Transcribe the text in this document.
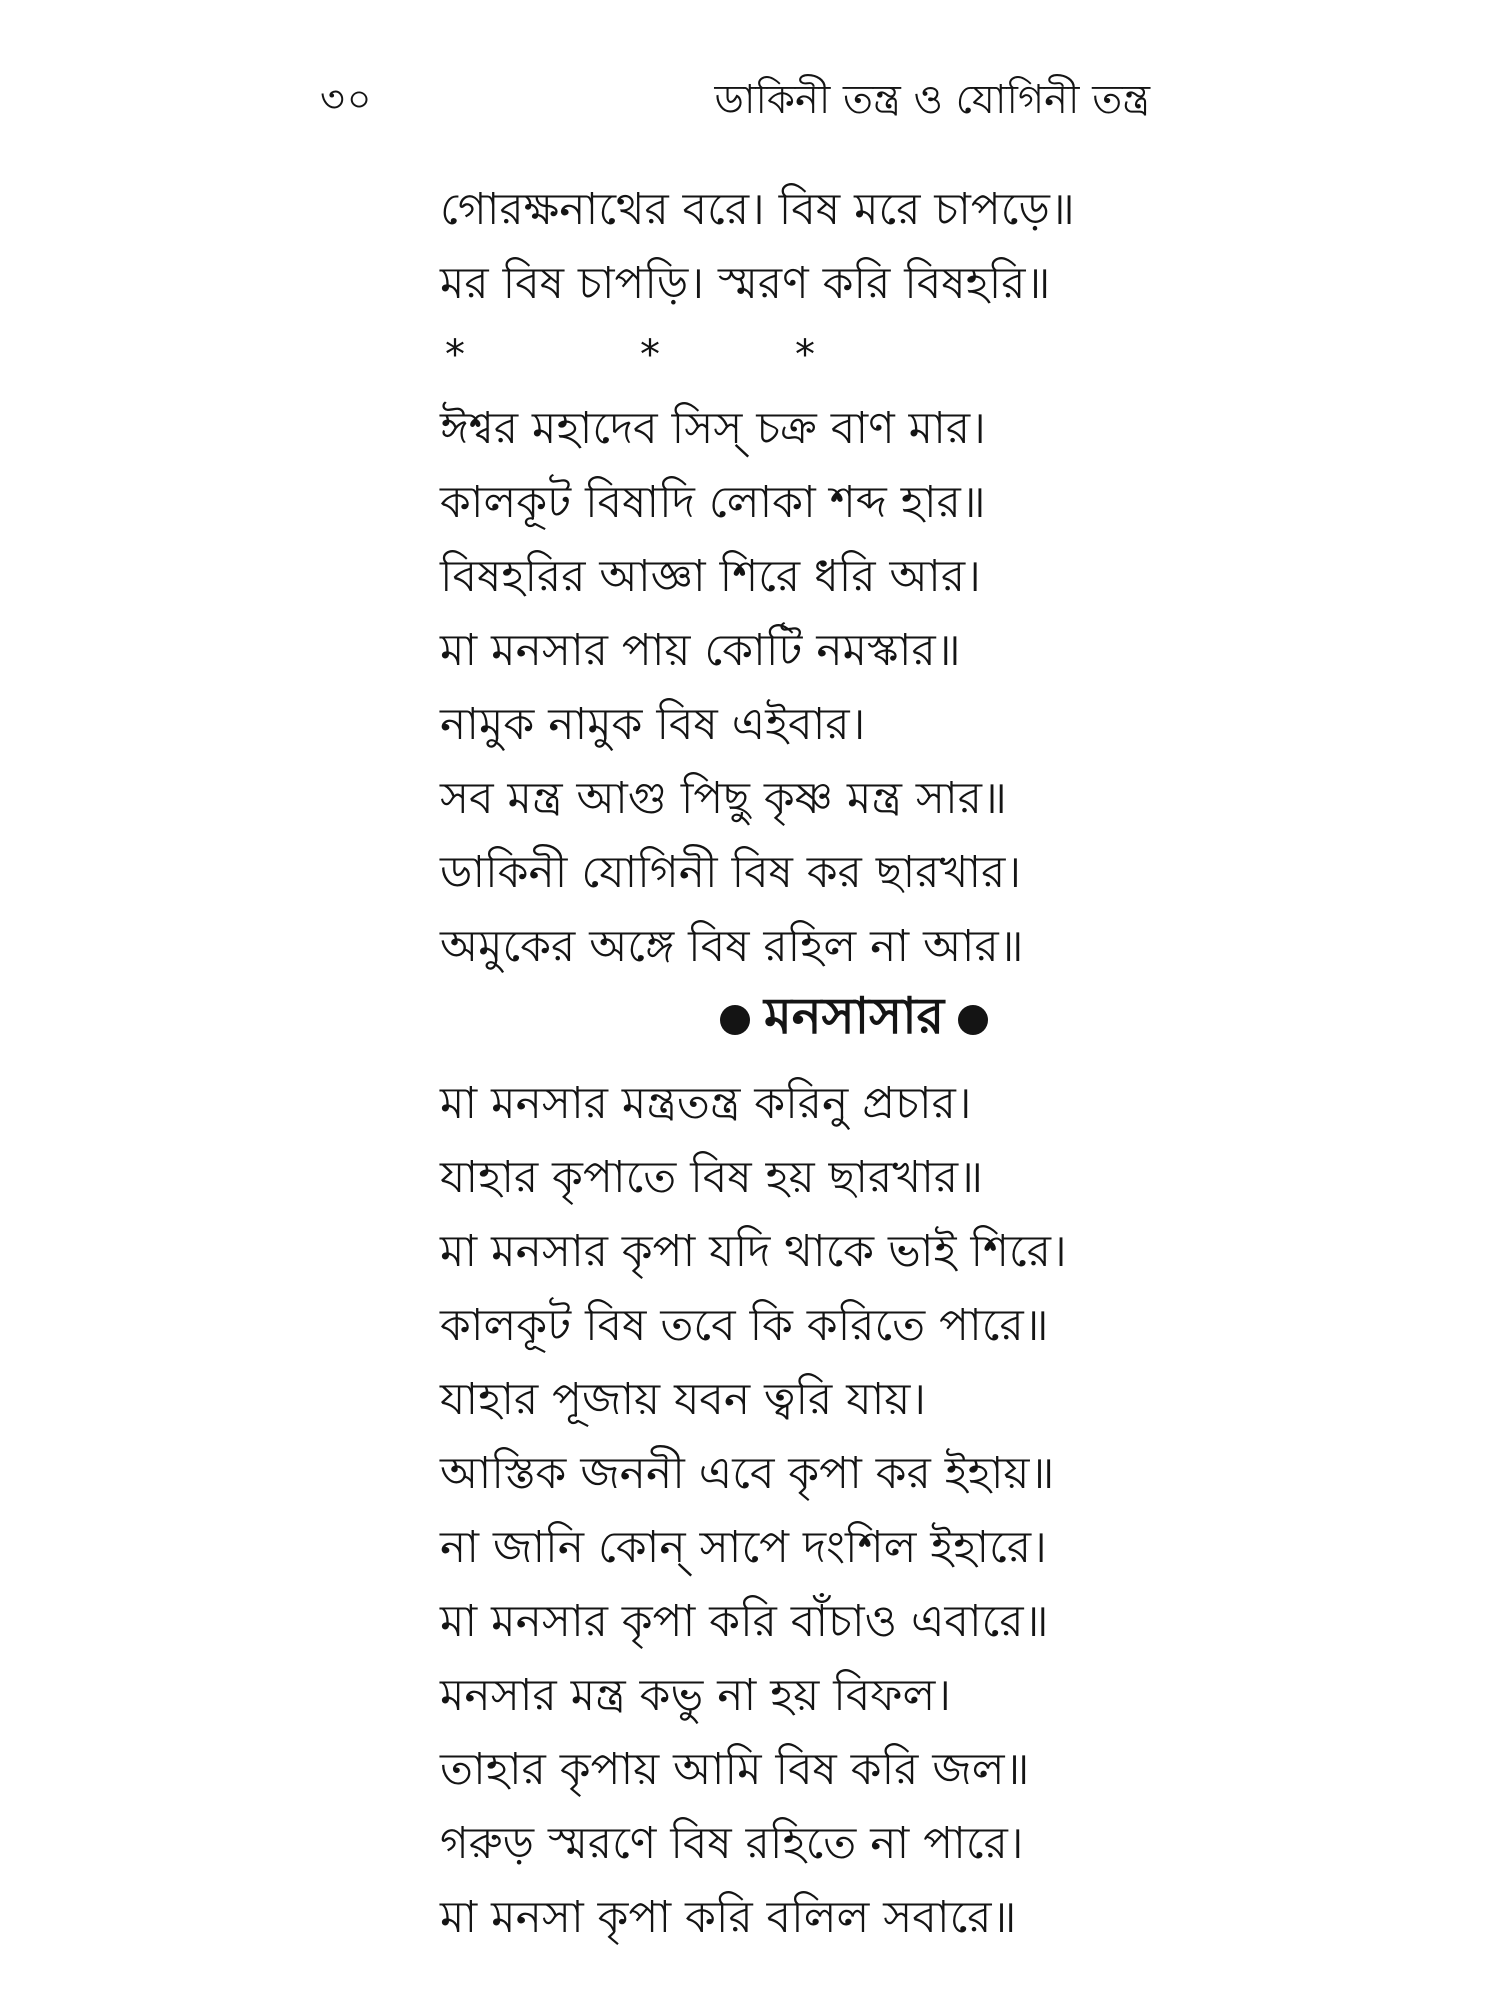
৩০	ডাকিনী তন্ত্র ও যোগিনী তন্ত্র
গোরক্ষনাথের বরে। বিষ মরে চাপড়ে॥
মর বিষ চাপড়ি। স্মরণ করি বিষহরি॥
*	*	*
ঈশ্বর মহাদেব সিস্ চক্র বাণ মার।
কালকূট বিষাদি লোকা শব্দ হার॥
বিষহরির আজ্ঞা শিরে ধরি আর।
মা মনসার পায় কোটি নমস্কার॥
নামুক নামুক বিষ এইবার।
সব মন্ত্র আগু পিছু কৃষ্ণ মন্ত্র সার॥
ডাকিনী যোগিনী বিষ কর ছারখার।
অমুকের অঙ্গে বিষ রহিল না আর॥
মনসাসার
মা মনসার মন্ত্রতন্ত্র করিনু প্রচার।
যাহার কৃপাতে বিষ হয় ছারখার॥
মা মনসার কৃপা যদি থাকে ভাই শিরে।
কালকূট বিষ তবে কি করিতে পারে॥
যাহার পূজায় যবন ত্বরি যায়।
আস্তিক জননী এবে কৃপা কর ইহায়॥
না জানি কোন্ সাপে দংশিল ইহারে।
মা মনসার কৃপা করি বাঁচাও এবারে॥
মনসার মন্ত্র কভু না হয় বিফল।
তাহার কৃপায় আমি বিষ করি জল॥
গরুড় স্মরণে বিষ রহিতে না পারে।
মা মনসা কৃপা করি বলিল সবারে॥
